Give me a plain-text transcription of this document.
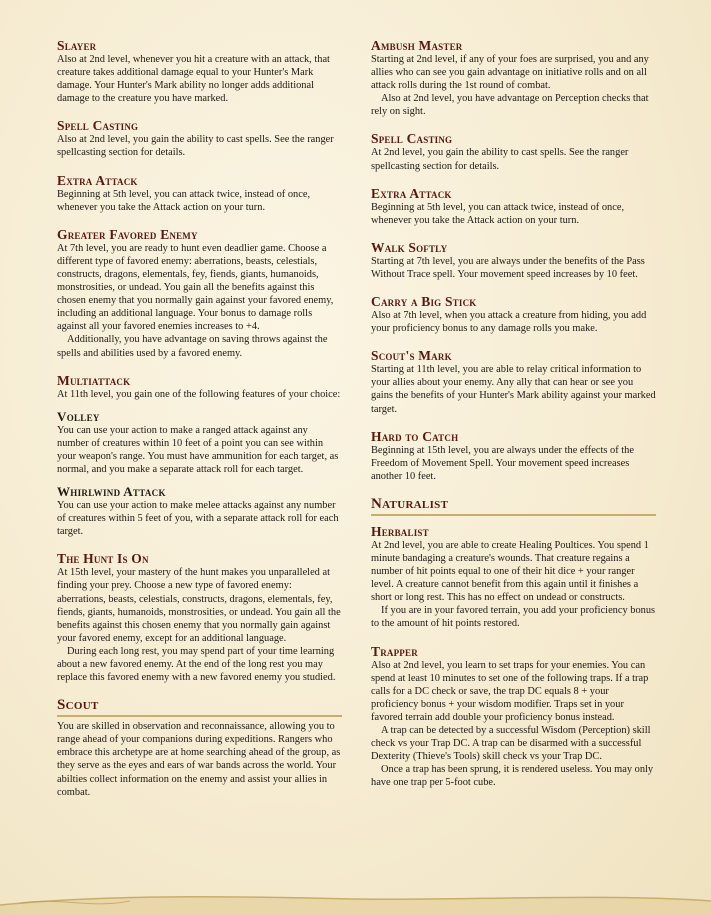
Slayer

Also at 2nd level, whenever you hit a creature with an attack, that creature takes additional damage equal to your Hunter's Mark damage. Your Hunter's Mark ability no longer adds additional damage to the creature you have marked.

Spell Casting

Also at 2nd level, you gain the ability to cast spells. See the ranger spellcasting section for details.

Extra Attack

Beginning at 5th level, you can attack twice, instead of once, whenever you take the Attack action on your turn.

Greater Favored Enemy

At 7th level, you are ready to hunt even deadlier game. Choose a different type of favored enemy: aberrations, beasts, celestials, constructs, dragons, elementals, fey, fiends, giants, humanoids, monstrosities, or undead. You gain all the benefits against this chosen enemy that you normally gain against your favored enemy, including an additional language. Your bonus to damage rolls against all your favored enemies increases to +4.

Additionally, you have advantage on saving throws against the spells and abilities used by a favored enemy.

Multiattack

At 11th level, you gain one of the following features of your choice:

Volley

You can use your action to make a ranged attack against any number of creatures within 10 feet of a point you can see within your weapon's range. You must have ammunition for each target, as normal, and you make a separate attack roll for each target.

Whirlwind Attack

You can use your action to make melee attacks against any number of creatures within 5 feet of you, with a separate attack roll for each target.

The Hunt Is On

At 15th level, your mastery of the hunt makes you unparalleled at finding your prey. Choose a new type of favored enemy: aberrations, beasts, celestials, constructs, dragons, elementals, fey, fiends, giants, humanoids, monstrosities, or undead. You gain all the benefits against this chosen enemy that you normally gain against your favored enemy, except for an additional language.

During each long rest, you may spend part of your time learning about a new favored enemy. At the end of the long rest you may replace this favored enemy with a new favored enemy you studied.

Scout

You are skilled in observation and reconnaissance, allowing you to range ahead of your companions during expeditions. Rangers who embrace this archetype are at home searching ahead of the group, as they serve as the eyes and ears of war bands across the world. Your abilties collect information on the enemy and assist your allies in combat.

Ambush Master

Starting at 2nd level, if any of your foes are surprised, you and any allies who can see you gain advantage on initiative rolls and on all attack rolls during the 1st round of combat.

Also at 2nd level, you have advantage on Perception checks that rely on sight.

Spell Casting

At 2nd level, you gain the ability to cast spells. See the ranger spellcasting section for details.

Extra Attack

Beginning at 5th level, you can attack twice, instead of once, whenever you take the Attack action on your turn.

Walk Softly

Starting at 7th level, you are always under the benefits of the Pass Without Trace spell. Your movement speed increases by 10 feet.

Carry a Big Stick

Also at 7th level, when you attack a creature from hiding, you add your proficiency bonus to any damage rolls you make.

Scout's Mark

Starting at 11th level, you are able to relay critical information to your allies about your enemy. Any ally that can hear or see you gains the benefits of your Hunter's Mark ability against your marked target.

Hard to Catch

Beginning at 15th level, you are always under the effects of the Freedom of Movement Spell. Your movement speed increases another 10 feet.

Naturalist
Herbalist

At 2nd level, you are able to create Healing Poultices. You spend 1 minute bandaging a creature's wounds. That creature regains a number of hit points equal to one of their hit dice + your ranger level. A creature cannot benefit from this again until it finishes a short or long rest. This has no effect on undead or constructs.

If you are in your favored terrain, you add your proficiency bonus to the amount of hit points restored.

Trapper

Also at 2nd level, you learn to set traps for your enemies. You can spend at least 10 minutes to set one of the following traps. If a trap calls for a DC check or save, the trap DC equals 8 + your proficiency bonus + your wisdom modifier. Traps set in your favored terrain add double your proficiency bonus instead.

A trap can be detected by a successful Wisdom (Perception) skill check vs your Trap DC. A trap can be disarmed with a successful Dexterity (Thieve's Tools) skill check vs your Trap DC.

Once a trap has been sprung, it is rendered useless. You may only have one trap per 5-foot cube.
